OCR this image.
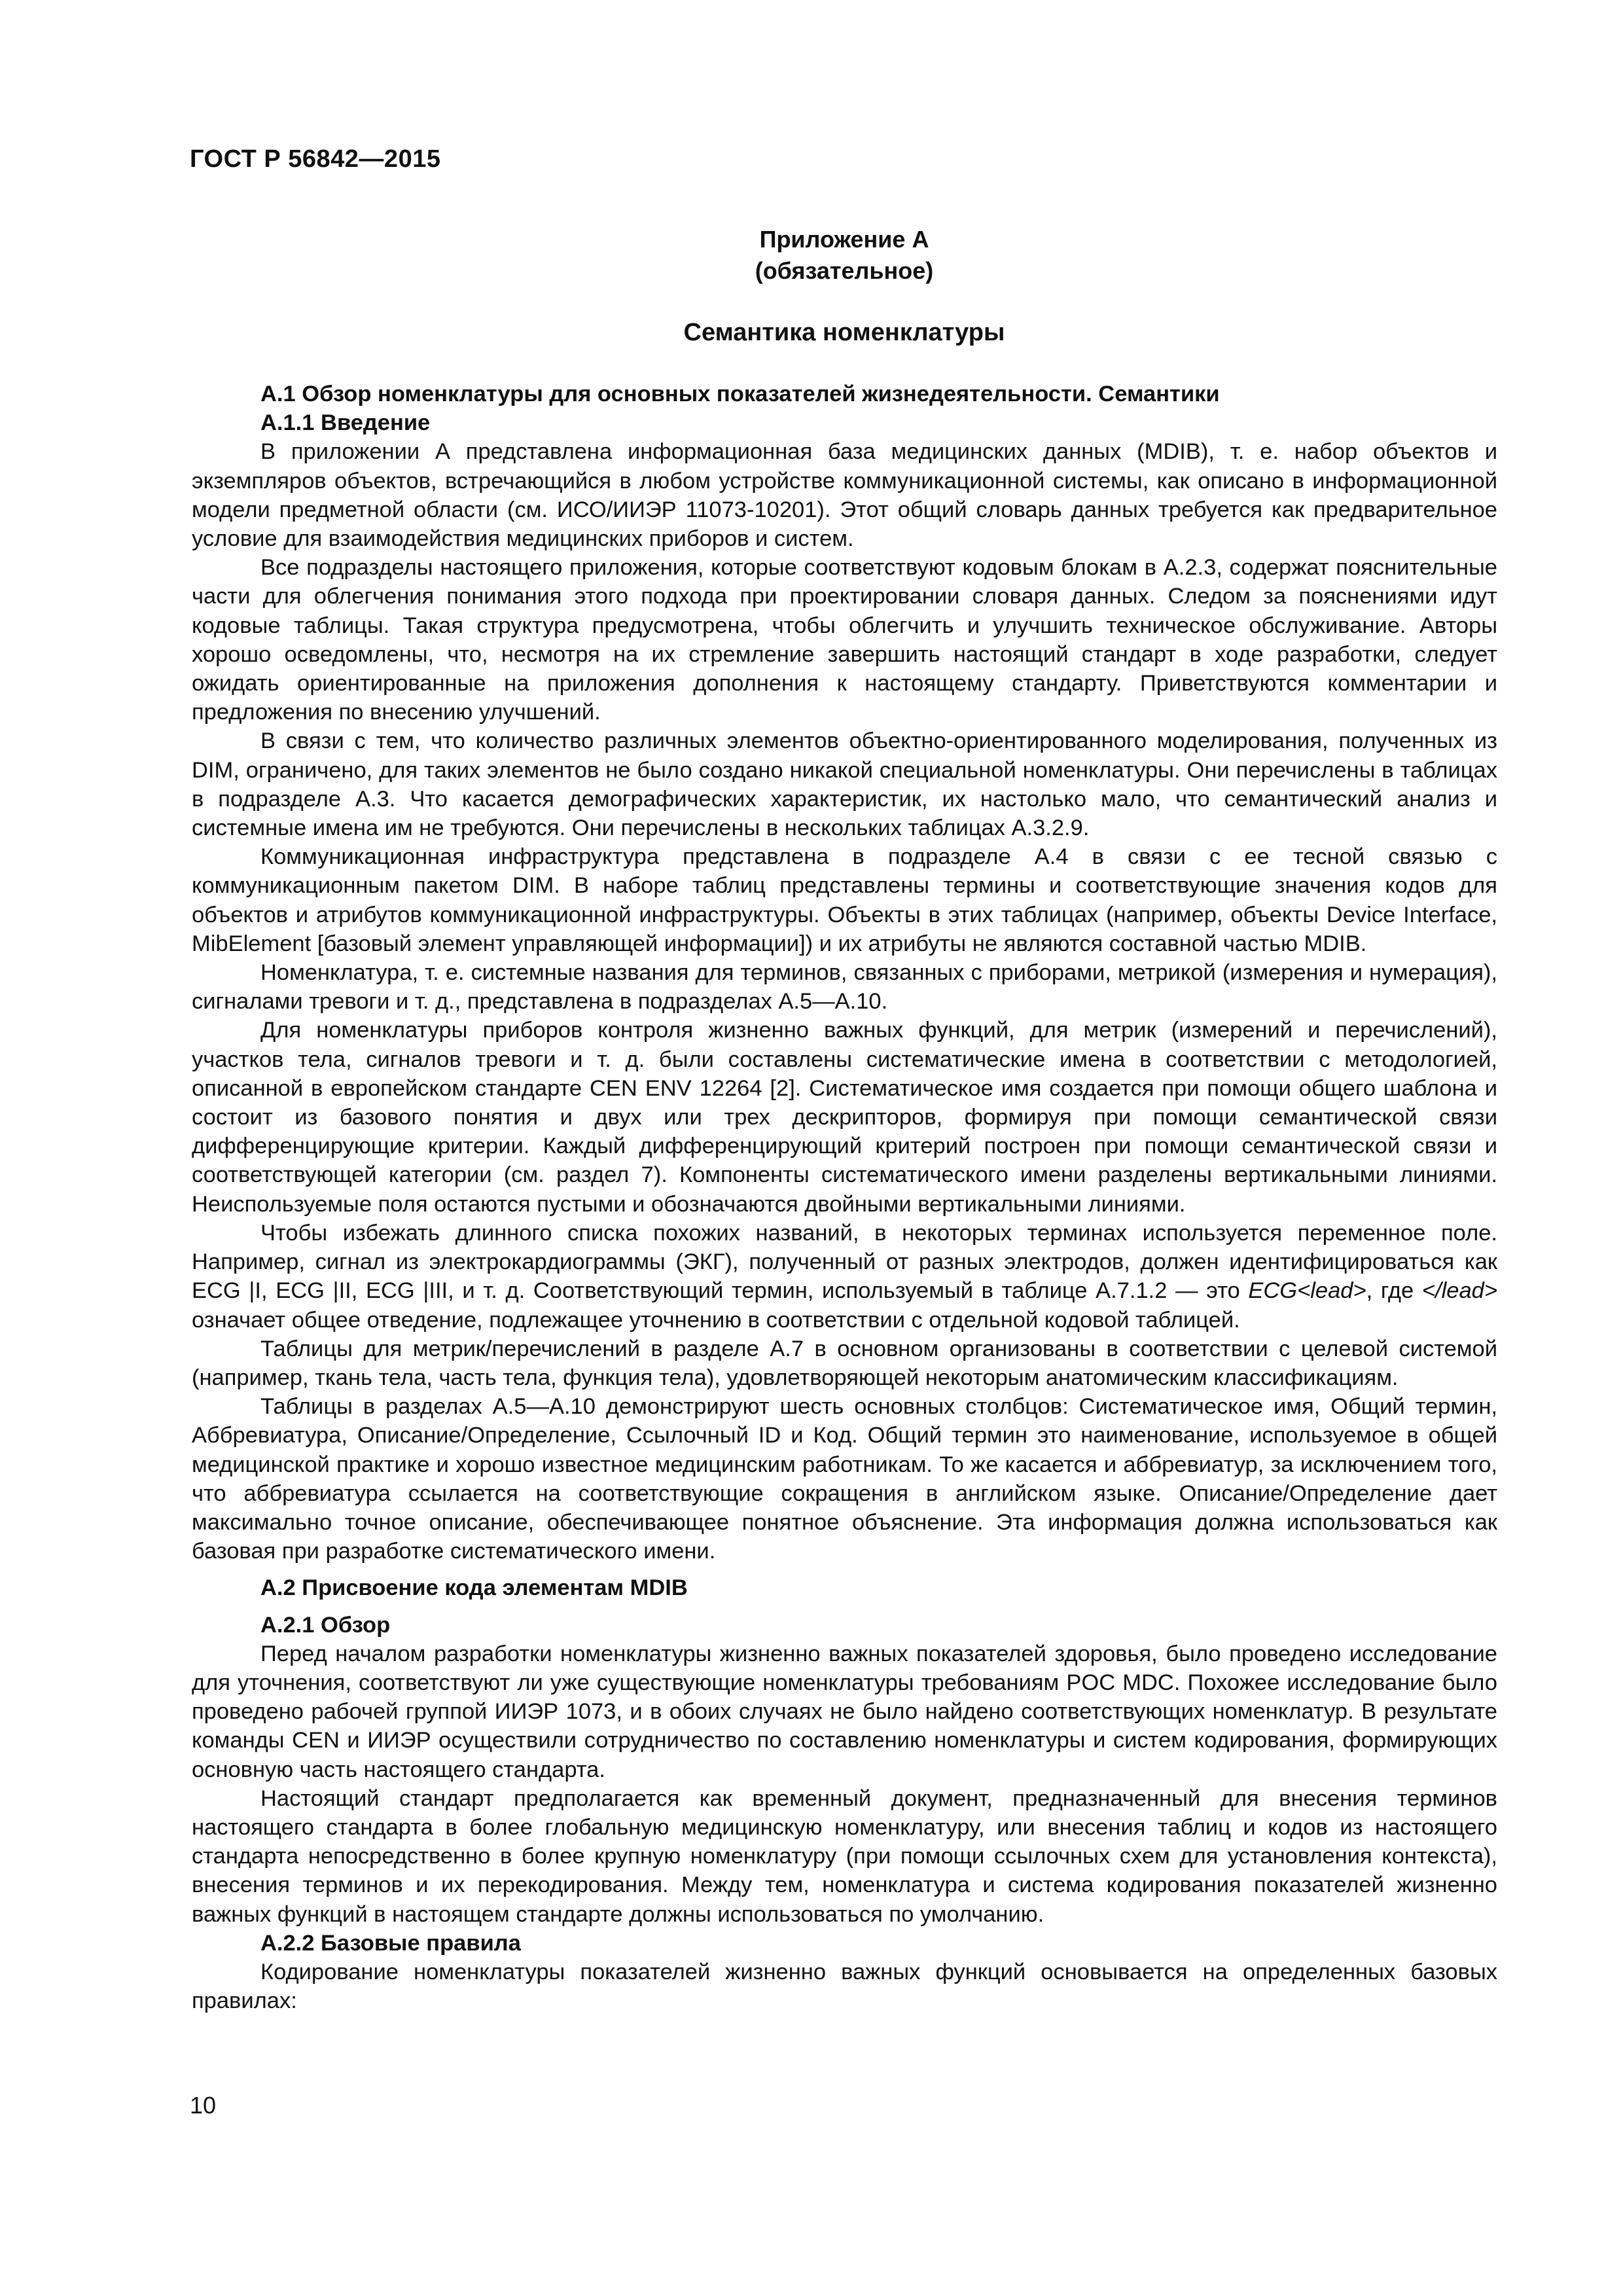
ГОСТ Р 56842—2015
Приложение А
(обязательное)
Семантика номенклатуры
А.1 Обзор номенклатуры для основных показателей жизнедеятельности. Семантики
А.1.1 Введение

В приложении А представлена информационная база медицинских данных (MDIB), т. е. набор объектов и экземпляров объектов, встречающийся в любом устройстве коммуникационной системы, как описано в информационной модели предметной области (см. ИСО/ИИЭР 11073-10201). Этот общий словарь данных требуется как предварительное условие для взаимодействия медицинских приборов и систем.

Все подразделы настоящего приложения, которые соответствуют кодовым блокам в А.2.3, содержат пояснительные части для облегчения понимания этого подхода при проектировании словаря данных. Следом за пояснениями идут кодовые таблицы. Такая структура предусмотрена, чтобы облегчить и улучшить техническое обслуживание. Авторы хорошо осведомлены, что, несмотря на их стремление завершить настоящий стандарт в ходе разработки, следует ожидать ориентированные на приложения дополнения к настоящему стандарту. Приветствуются комментарии и предложения по внесению улучшений.

В связи с тем, что количество различных элементов объектно-ориентированного моделирования, полученных из DIM, ограничено, для таких элементов не было создано никакой специальной номенклатуры. Они перечислены в таблицах в подразделе А.3. Что касается демографических характеристик, их настолько мало, что семантический анализ и системные имена им не требуются. Они перечислены в нескольких таблицах А.3.2.9.

Коммуникационная инфраструктура представлена в подразделе А.4 в связи с ее тесной связью с коммуникационным пакетом DIM. В наборе таблиц представлены термины и соответствующие значения кодов для объектов и атрибутов коммуникационной инфраструктуры. Объекты в этих таблицах (например, объекты Device Interface, MibElement [базовый элемент управляющей информации]) и их атрибуты не являются составной частью MDIB.

Номенклатура, т. е. системные названия для терминов, связанных с приборами, метрикой (измерения и нумерация), сигналами тревоги и т. д., представлена в подразделах А.5—А.10.

Для номенклатуры приборов контроля жизненно важных функций, для метрик (измерений и перечислений), участков тела, сигналов тревоги и т. д. были составлены систематические имена в соответствии с методологией, описанной в европейском стандарте CEN ENV 12264 [2]. Систематическое имя создается при помощи общего шаблона и состоит из базового понятия и двух или трех дескрипторов, формируя при помощи семантической связи дифференцирующие критерии. Каждый дифференцирующий критерий построен при помощи семантической связи и соответствующей категории (см. раздел 7). Компоненты систематического имени разделены вертикальными линиями. Неиспользуемые поля остаются пустыми и обозначаются двойными вертикальными линиями.

Чтобы избежать длинного списка похожих названий, в некоторых терминах используется переменное поле. Например, сигнал из электрокардиограммы (ЭКГ), полученный от разных электродов, должен идентифицироваться как ECG |I, ECG |II, ECG |III, и т. д. Соответствующий термин, используемый в таблице А.7.1.2 — это ECG<lead>, где </lead> означает общее отведение, подлежащее уточнению в соответствии с отдельной кодовой таблицей.

Таблицы для метрик/перечислений в разделе А.7 в основном организованы в соответствии с целевой системой (например, ткань тела, часть тела, функция тела), удовлетворяющей некоторым анатомическим классификациям.

Таблицы в разделах А.5—А.10 демонстрируют шесть основных столбцов: Систематическое имя, Общий термин, Аббревиатура, Описание/Определение, Ссылочный ID и Код. Общий термин это наименование, используемое в общей медицинской практике и хорошо известное медицинским работникам. То же касается и аббревиатур, за исключением того, что аббревиатура ссылается на соответствующие сокращения в английском языке. Описание/Определение дает максимально точное описание, обеспечивающее понятное объяснение. Эта информация должна использоваться как базовая при разработке систематического имени.

А.2 Присвоение кода элементам MDIB
А.2.1 Обзор

Перед началом разработки номенклатуры жизненно важных показателей здоровья, было проведено исследование для уточнения, соответствуют ли уже существующие номенклатуры требованиям POC MDC. Похожее исследование было проведено рабочей группой ИИЭР 1073, и в обоих случаях не было найдено соответствующих номенклатур. В результате команды CEN и ИИЭР осуществили сотрудничество по составлению номенклатуры и систем кодирования, формирующих основную часть настоящего стандарта.

Настоящий стандарт предполагается как временный документ, предназначенный для внесения терминов настоящего стандарта в более глобальную медицинскую номенклатуру, или внесения таблиц и кодов из настоящего стандарта непосредственно в более крупную номенклатуру (при помощи ссылочных схем для установления контекста), внесения терминов и их перекодирования. Между тем, номенклатура и система кодирования показателей жизненно важных функций в настоящем стандарте должны использоваться по умолчанию.

А.2.2 Базовые правила

Кодирование номенклатуры показателей жизненно важных функций основывается на определенных базовых правилах:

10
